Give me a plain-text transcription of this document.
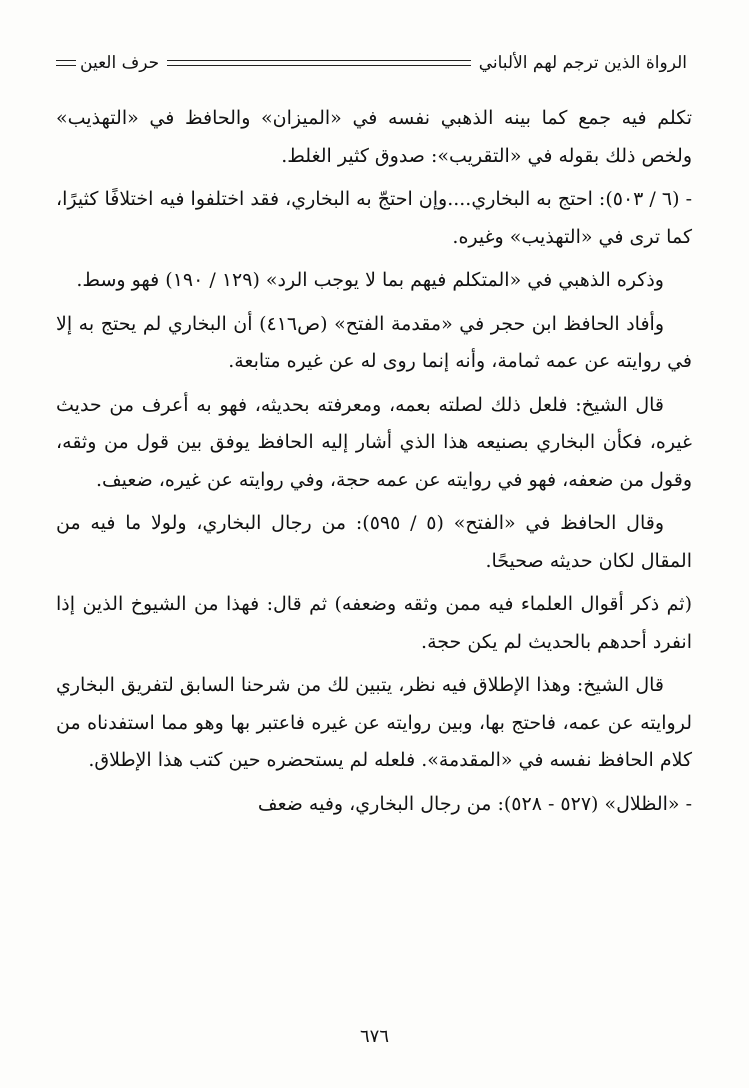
الرواة الذين ترجم لهم الألباني
حرف العين

تكلم فيه جمع كما بينه الذهبي نفسه في «الميزان» والحافظ في «التهذيب» ولخص ذلك بقوله في «التقريب»: صدوق كثير الغلط.

- (٦ / ٥٠٣): احتج به البخاري....وإن احتجّ به البخاري، فقد اختلفوا فيه اختلافًا كثيرًا، كما ترى في «التهذيب» وغيره.

وذكره الذهبي في «المتكلم فيهم بما لا يوجب الرد» (١٢٩ / ١٩٠) فهو وسط.

وأفاد الحافظ ابن حجر في «مقدمة الفتح» (ص٤١٦) أن البخاري لم يحتج به إلا في روايته عن عمه ثمامة، وأنه إنما روى له عن غيره متابعة.

قال الشيخ: فلعل ذلك لصلته بعمه، ومعرفته بحديثه، فهو به أعرف من حديث غيره، فكأن البخاري بصنيعه هذا الذي أشار إليه الحافظ يوفق بين قول من وثقه، وقول من ضعفه، فهو في روايته عن عمه حجة، وفي روايته عن غيره، ضعيف.

وقال الحافظ في «الفتح» (٥ / ٥٩٥): من رجال البخاري، ولولا ما فيه من المقال لكان حديثه صحيحًا.

(ثم ذكر أقوال العلماء فيه ممن وثقه وضعفه) ثم قال: فهذا من الشيوخ الذين إذا انفرد أحدهم بالحديث لم يكن حجة.

قال الشيخ: وهذا الإطلاق فيه نظر، يتبين لك من شرحنا السابق لتفريق البخاري لروايته عن عمه، فاحتج بها، وبين روايته عن غيره فاعتبر بها وهو مما استفدناه من كلام الحافظ نفسه في «المقدمة». فلعله لم يستحضره حين كتب هذا الإطلاق.

- «الظلال» (٥٢٧ - ٥٢٨): من رجال البخاري، وفيه ضعف

٦٧٦
